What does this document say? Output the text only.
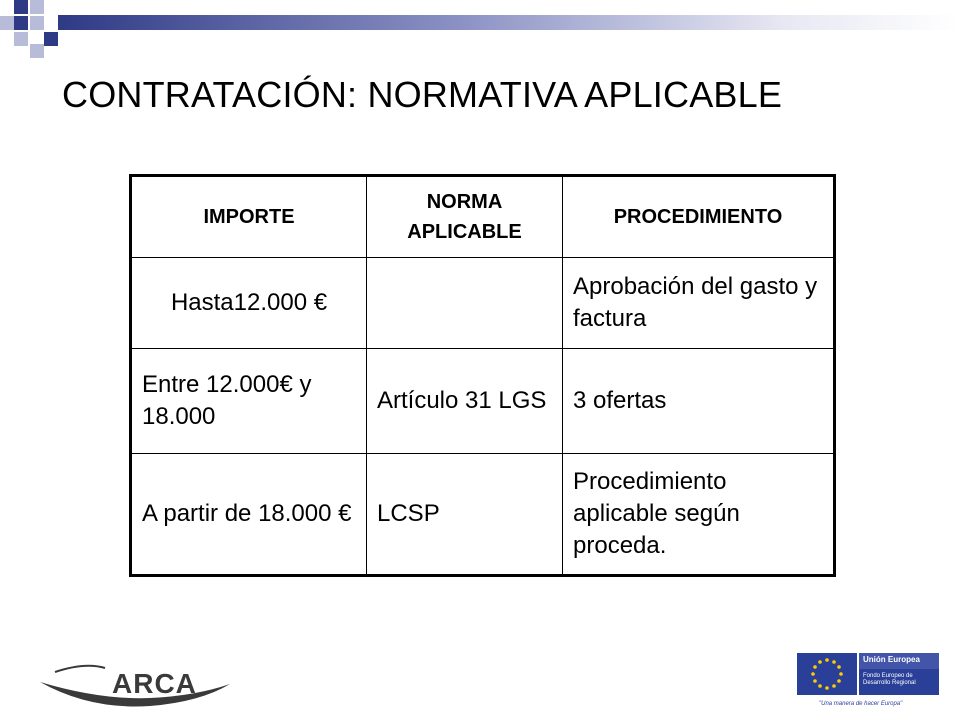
CONTRATACIÓN: NORMATIVA APLICABLE
IMPORTE	NORMA APLICABLE	PROCEDIMIENTO
Hasta12.000 €		Aprobación del gasto y factura
Entre 12.000€ y 18.000	Artículo 31 LGS	3 ofertas
A partir de 18.000 €	LCSP	Procedimiento aplicable según proceda.
ARCA
Unión Europea
Fondo Europeo de
Desarrollo Regional
"Una manera de hacer Europa"
